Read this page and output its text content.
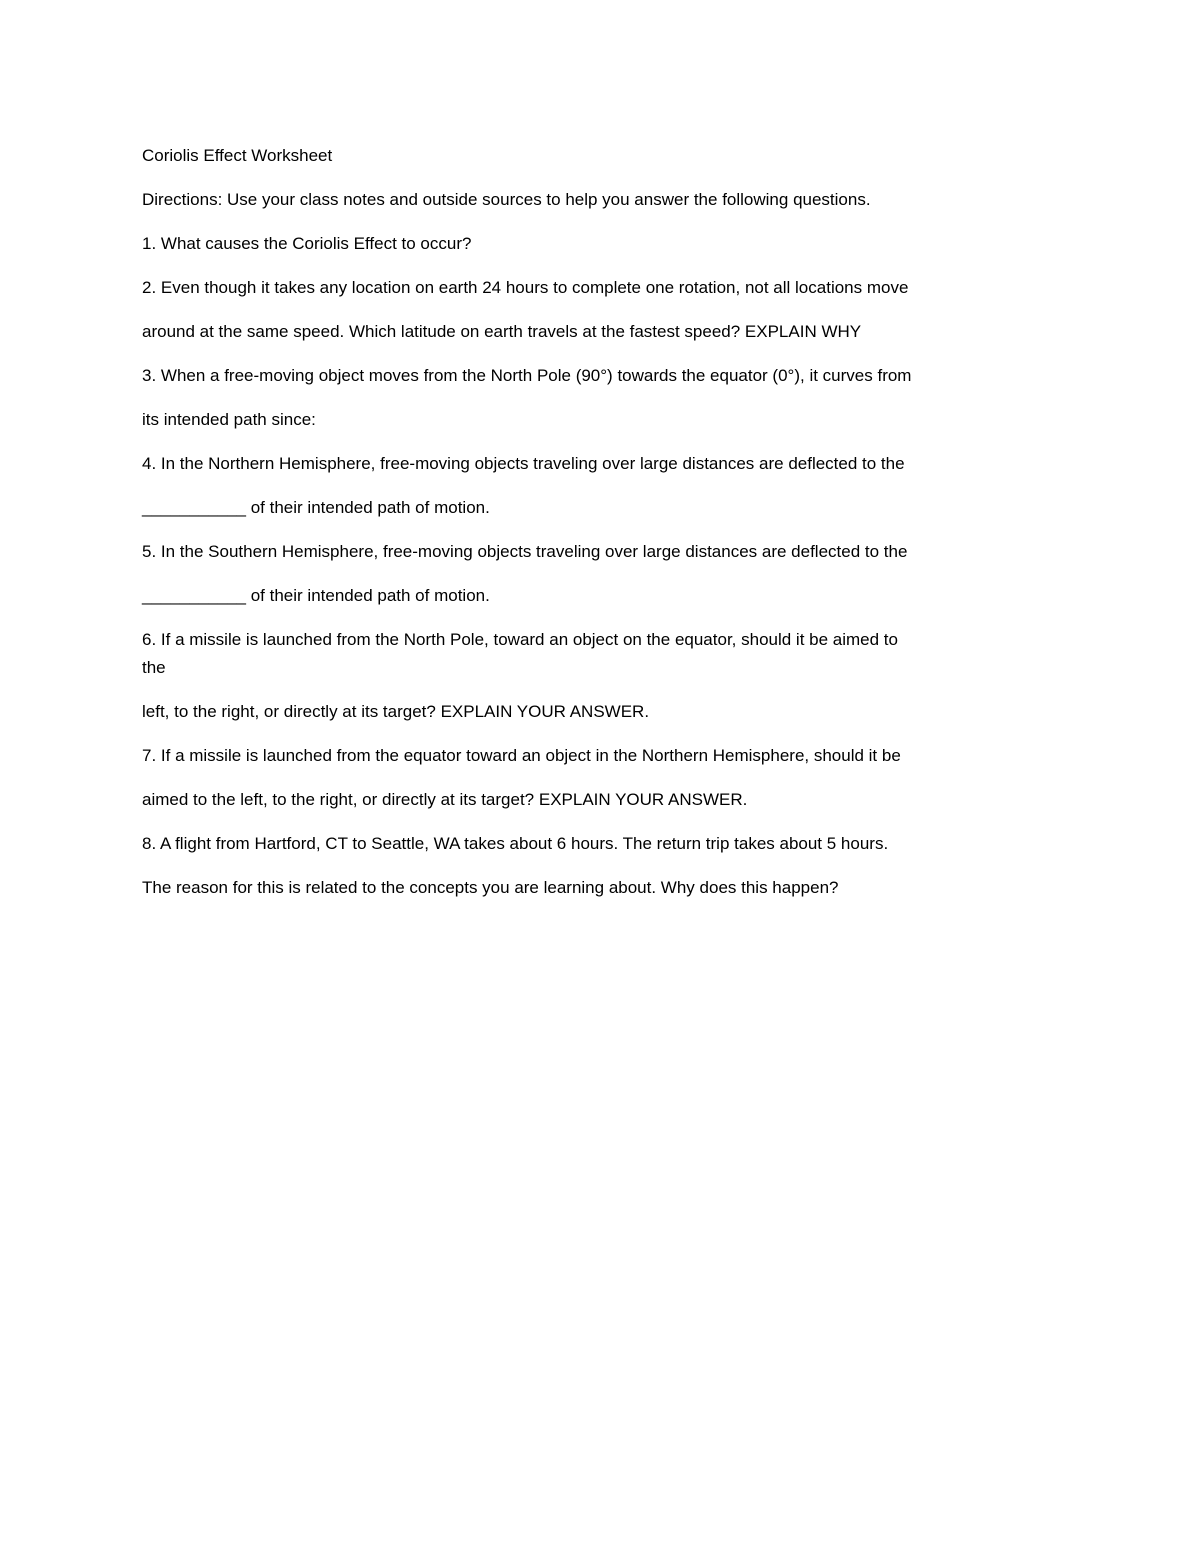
Coriolis Effect Worksheet

Directions: Use your class notes and outside sources to help you answer the following questions.

1. What causes the Coriolis Effect to occur?

2. Even though it takes any location on earth 24 hours to complete one rotation, not all locations move

around at the same speed. Which latitude on earth travels at the fastest speed? EXPLAIN WHY

3. When a free-moving object moves from the North Pole (90°) towards the equator (0°), it curves from

its intended path since:

4. In the Northern Hemisphere, free-moving objects traveling over large distances are deflected to the

___________ of their intended path of motion.

5. In the Southern Hemisphere, free-moving objects traveling over large distances are deflected to the

___________ of their intended path of motion.

6. If a missile is launched from the North Pole, toward an object on the equator, should it be aimed to

the

left, to the right, or directly at its target? EXPLAIN YOUR ANSWER.

7. If a missile is launched from the equator toward an object in the Northern Hemisphere, should it be

aimed to the left, to the right, or directly at its target? EXPLAIN YOUR ANSWER.

8. A flight from Hartford, CT to Seattle, WA takes about 6 hours. The return trip takes about 5 hours.

The reason for this is related to the concepts you are learning about. Why does this happen?
